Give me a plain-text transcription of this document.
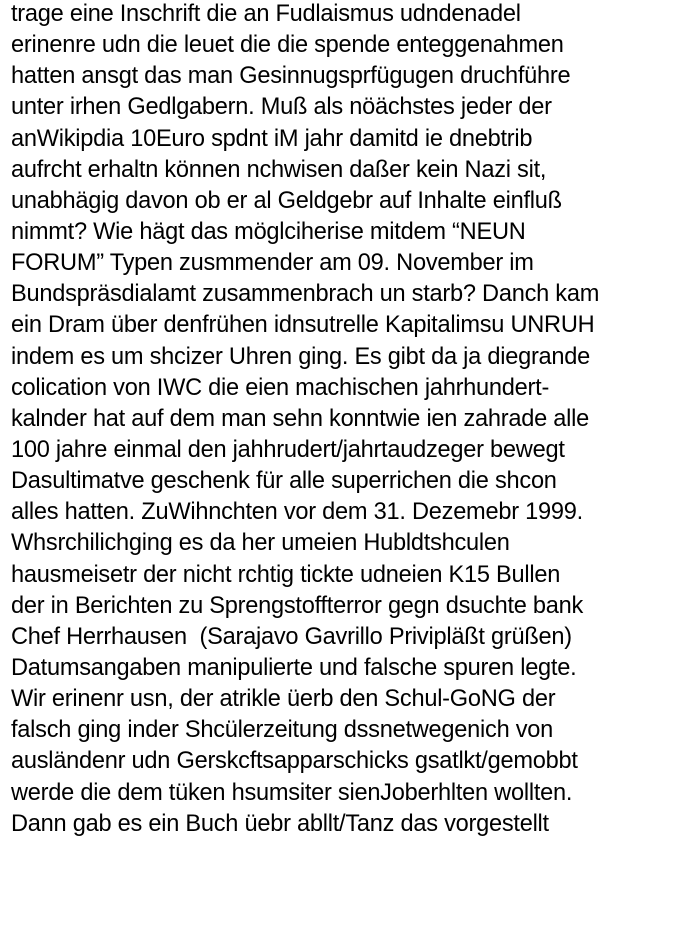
trage eine Inschrift die an Fudlaismus udndenadel
erinenre udn die leuet die die spende enteggenahmen
hatten ansgt das man Gesinnugsprfügugen druchführe
unter irhen Gedlgabern. Muß als nöächstes jeder der
anWikipdia 10Euro spdnt iM jahr damitd ie dnebtrib
aufrcht erhaltn können nchwisen daßer kein Nazi sit,
unabhägig davon ob er al Geldgebr auf Inhalte einfluß
nimmt? Wie hägt das möglciherise mitdem “NEUN
FORUM” Typen zusmmender am 09. November im
Bundspräsdialamt zusammenbrach un starb? Danch kam
ein Dram über denfrühen idnsutrelle Kapitalimsu UNRUH
indem es um shcizer Uhren ging. Es gibt da ja diegrande
colication von IWC die eien machischen jahrhundert-
kalnder hat auf dem man sehn konntwie ien zahrade alle
100 jahre einmal den jahhrudert/jahrtaudzeger bewegt
Dasultimatve geschenk für alle superrichen die shcon
alles hatten. ZuWihnchten vor dem 31. Dezemebr 1999.
Whsrchilichging es da her umeien Hubldtshculen
hausmeisetr der nicht rchtig tickte udneien K15 Bullen
der in Berichten zu Sprengstoffterror gegn dsuchte bank
Chef Herrhausen  (Sarajavo Gavrillo Privipläßt grüßen)
Datumsangaben manipulierte und falsche spuren legte.
Wir erinenr usn, der atrikle üerb den Schul-GoNG der
falsch ging inder Shcülerzeitung dssnetwegenich von
ausländenr udn Gerskcftsapparschicks gsatlkt/gemobbt
werde die dem tüken hsumsiter sienJoberhlten wollten.
Dann gab es ein Buch üebr abllt/Tanz das vorgestellt
